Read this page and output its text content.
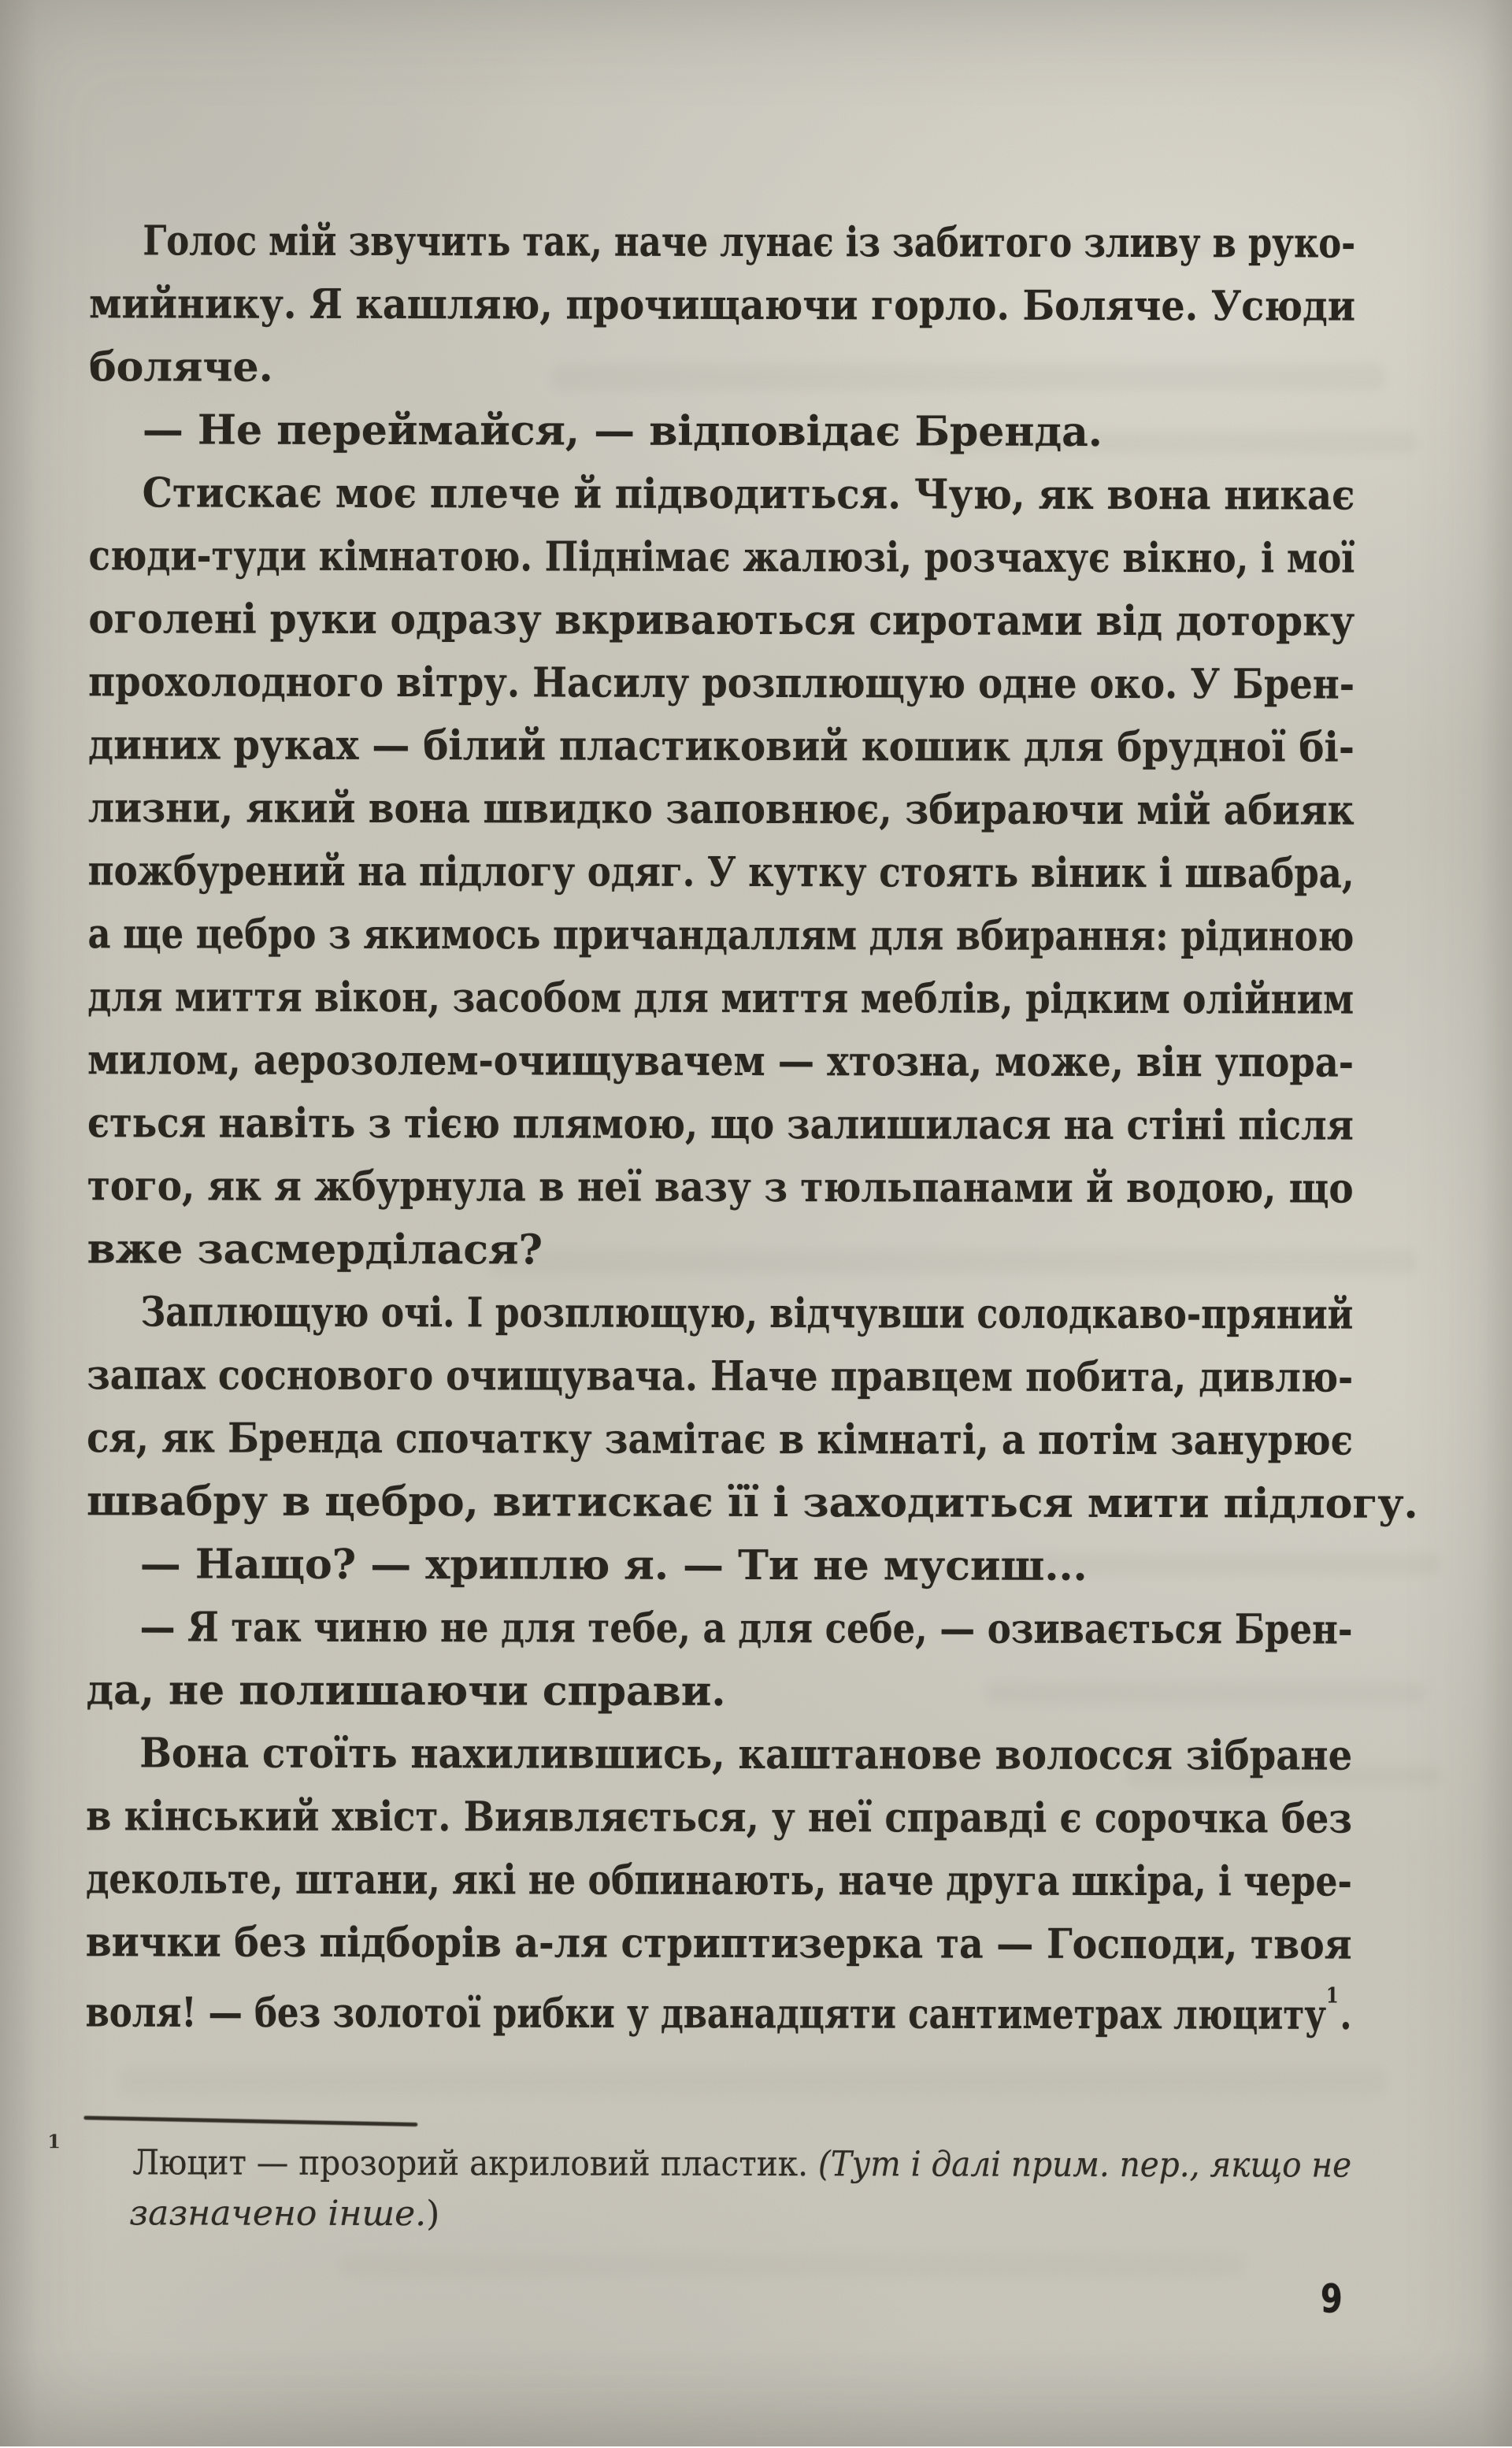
Голос мій звучить так, наче лунає із забитого зливу в руко-
мийнику. Я кашляю, прочищаючи горло. Боляче. Усюди
боляче.
— Не переймайся, — відповідає Бренда.
Стискає моє плече й підводиться. Чую, як вона никає
сюди-туди кімнатою. Піднімає жалюзі, розчахує вікно, і мої
оголені руки одразу вкриваються сиротами від доторку
прохолодного вітру. Насилу розплющую одне око. У Брен-
диних руках — білий пластиковий кошик для брудної бі-
лизни, який вона швидко заповнює, збираючи мій абияк
пожбурений на підлогу одяг. У кутку стоять віник і швабра,
а ще цебро з якимось причандаллям для вбирання: рідиною
для миття вікон, засобом для миття меблів, рідким олійним
милом, аерозолем-очищувачем — хтозна, може, він упора-
ється навіть з тією плямою, що залишилася на стіні після
того, як я жбурнула в неї вазу з тюльпанами й водою, що
вже засмерділася?
Заплющую очі. І розплющую, відчувши солодкаво-пряний
запах соснового очищувача. Наче правцем побита, дивлю-
ся, як Бренда спочатку замітає в кімнаті, а потім занурює
швабру в цебро, витискає її і заходиться мити підлогу.
— Нащо? — хриплю я. — Ти не мусиш...
— Я так чиню не для тебе, а для себе, — озивається Брен-
да, не полишаючи справи.
Вона стоїть нахилившись, каштанове волосся зібране
в кінський хвіст. Виявляється, у неї справді є сорочка без
декольте, штани, які не обпинають, наче друга шкіра, і чере-
вички без підборів а-ля стриптизерка та — Господи, твоя
воля! — без золотої рибки у дванадцяти сантиметрах люциту$^1$.
1
Люцит — прозорий акриловий пластик. (Тут і далі прим. пер., якщо не
зазначено інше.)
9
